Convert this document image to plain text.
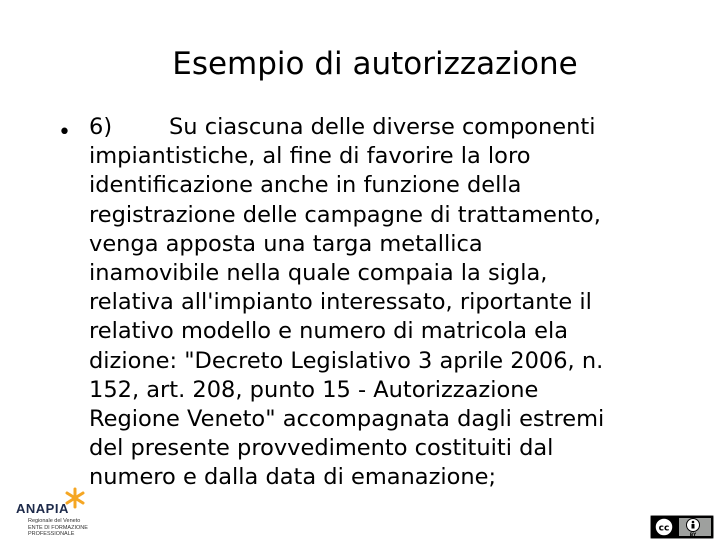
Esempio di autorizzazione
• 6)	Su ciascuna delle diverse componenti
impiantistiche, al fine di favorire la loro
identificazione anche in funzione della
registrazione delle campagne di trattamento,
venga apposta una targa metallica
inamovibile nella quale compaia la sigla,
relativa all'impianto interessato, riportante il
relativo modello e numero di matricola ela
dizione: "Decreto Legislativo 3 aprile 2006, n.
152, art. 208, punto 15 - Autorizzazione
Regione Veneto" accompagnata dagli estremi
del presente provvedimento costituiti dal
numero e dalla data di emanazione;
ANAPIA
Regionale del Veneto
ENTE DI FORMAZIONE
PROFESSIONALE
cc
BY
